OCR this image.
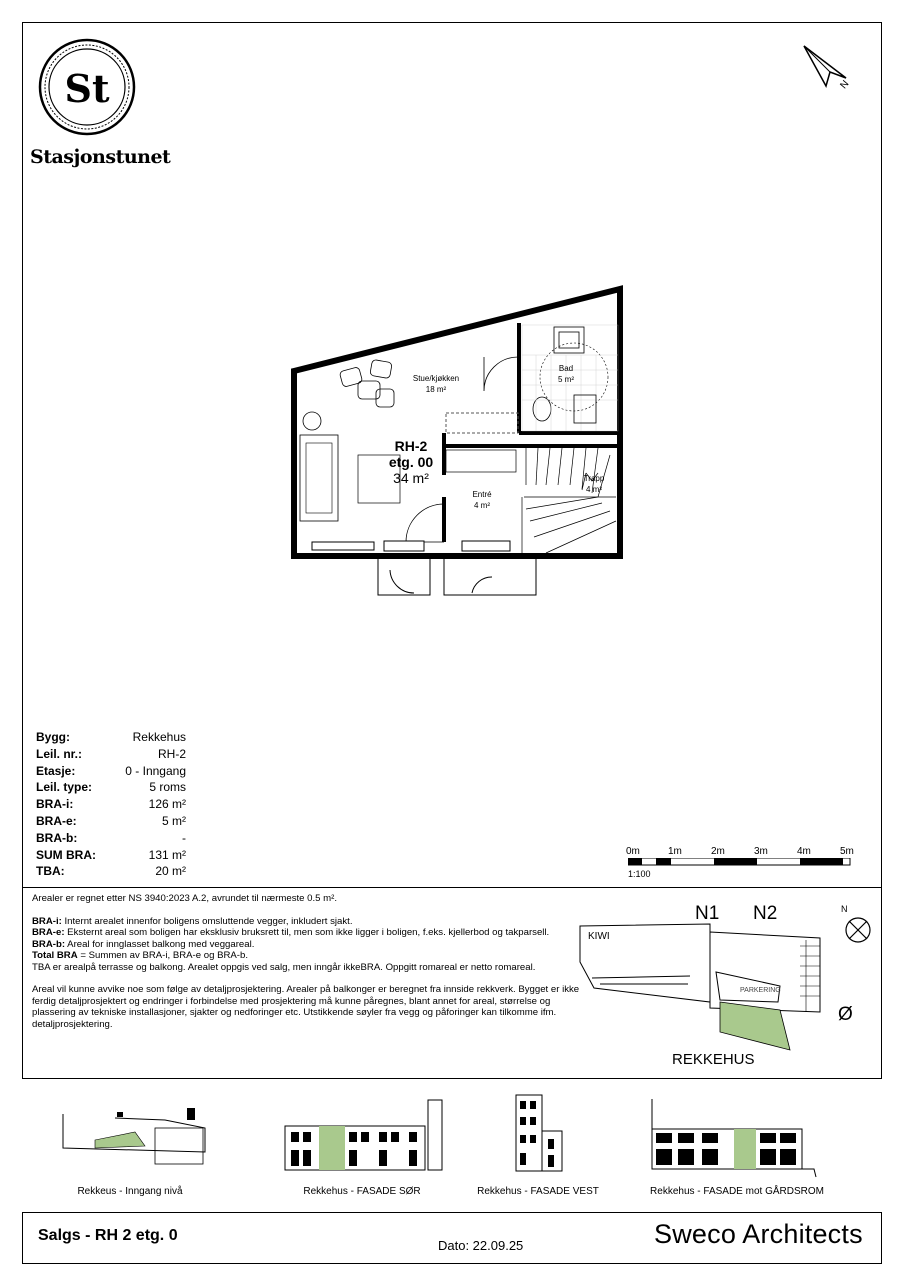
St
Stasjonstunet
N
Stue/kjøkken
18 m²
Bad
5 m²
Trapp
4 m²
Entré
4 m²
RH-2
etg. 00
34 m²
Bygg:	Rekkehus
Leil. nr.:	RH-2
Etasje:	0 - Inngang
Leil. type:	5 roms
BRA-i:	126 m²
BRA-e:	5 m²
BRA-b:	-
SUM BRA:	131 m²
TBA:	20 m²
0m	1m	2m	3m	4m	5m
1:100

Arealer er regnet etter NS 3940:2023 A.2, avrundet til nærmeste 0.5 m².

BRA-i: Internt arealet innenfor boligens omsluttende vegger, inkludert sjakt.

BRA-e: Eksternt areal som boligen har eksklusiv bruksrett til, men som ikke ligger i boligen, f.eks. kjellerbod og takparsell.

BRA-b: Areal for innglasset balkong med veggareal.

Total BRA = Summen av BRA-i, BRA-e og BRA-b.

TBA er arealpå terrasse og balkong. Arealet oppgis ved salg, men inngår ikkeBRA. Oppgitt romareal er netto romareal.

Areal vil kunne avvike noe som følge av detaljprosjektering. Arealer på balkonger er beregnet fra innside rekkverk. Bygget er ikke ferdig detaljprosjektert og endringer i forbindelse med prosjektering må kunne påregnes, blant annet for areal, størrelse og plassering av tekniske installasjoner, sjakter og nedforinger etc. Utstikkende søyler fra vegg og påforinger kan tilkomme ifm. detaljprosjektering.

N1 N2
KIWI
PARKERING
Ø
REKKEHUS
N
Rekkeus - Inngang nivå	Rekkehus - FASADE SØR	Rekkehus - FASADE VEST	Rekkehus - FASADE mot GÅRDSROM
Salgs - RH 2 etg. 0
Dato: 22.09.25	Sweco Architects
